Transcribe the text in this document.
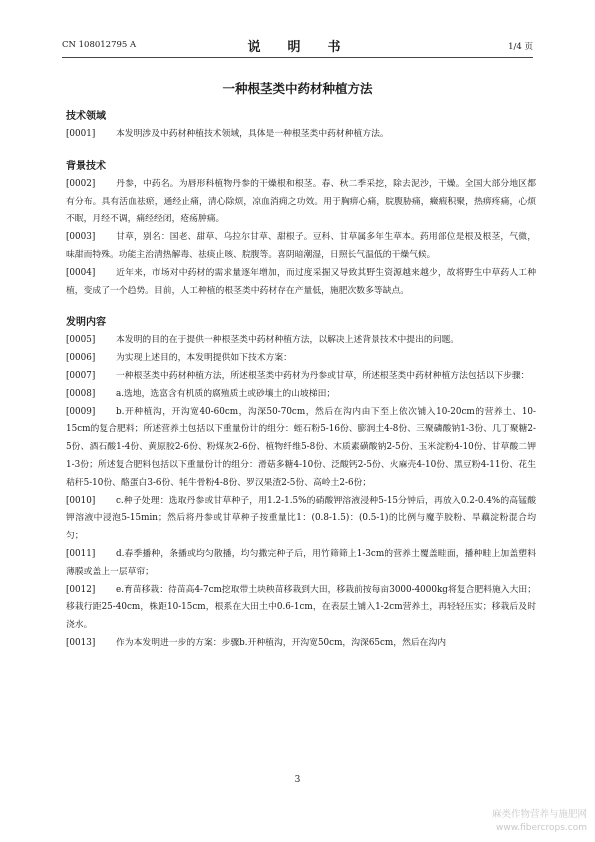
CN 108012795 A	说　明　书	1/4 页
一种根茎类中药材种植方法
技术领域
[0001] 本发明涉及中药材种植技术领域，具体是一种根茎类中药材种植方法。
背景技术
[0002] 丹参，中药名。为唇形科植物丹参的干燥根和根茎。春、秋二季采挖，除去泥沙，干燥。全国大部分地区都有分布。具有活血祛瘀，通经止痛，清心除烦，凉血消痈之功效。用于胸痹心痛，脘腹胁痛，癥瘕积聚，热痹疼痛，心烦不眠，月经不调，痛经经闭，疮疡肿痛。
[0003] 甘草，别名：国老、甜草、乌拉尔甘草、甜根子。豆科、甘草属多年生草本。药用部位是根及根茎，气微，味甜而特殊。功能主治清热解毒、祛痰止咳、脘腹等。喜阴暗潮湿，日照长气温低的干燥气候。
[0004] 近年来，市场对中药材的需求量逐年增加，而过度采掘又导致其野生资源越来越少，故将野生中草药人工种植，变成了一个趋势。目前，人工种植的根茎类中药材存在产量低，施肥次数多等缺点。
发明内容
[0005] 本发明的目的在于提供一种根茎类中药材种植方法，以解决上述背景技术中提出的问题。
[0006] 为实现上述目的，本发明提供如下技术方案：
[0007] 一种根茎类中药材种植方法，所述根茎类中药材为丹参或甘草，所述根茎类中药材种植方法包括以下步骤：
[0008] a.选地，选富含有机质的腐殖质土或砂壤土的山坡梯田；
[0009] b.开种植沟，开沟宽40-60cm，沟深50-70cm，然后在沟内由下至上依次铺入10-20cm的营养土、10-15cm的复合肥料；所述营养土包括以下重量份计的组分：蛭石粉5-16份、膨润土4-8份、三聚磷酸钠1-3份、几丁聚糖2-5份、酒石酸1-4份、黄原胶2-6份、粉煤灰2-6份、植物纤维5-8份、木质素磺酸钠2-5份、玉米淀粉4-10份、甘草酸二钾1-3份；所述复合肥料包括以下重量份计的组分：滑菇多糖4-10份、泛酸钙2-5份、火麻壳4-10份、黑豆粉4-11份、花生秸秆5-10份、酪蛋白3-6份、牦牛骨粉4-8份、罗汉果渣2-5份、高岭土2-6份；
[0010] c.种子处理：选取丹参或甘草种子，用1.2-1.5%的硝酸钾溶液浸种5-15分钟后，再放入0.2-0.4%的高锰酸钾溶液中浸泡5-15min；然后将丹参或甘草种子按重量比1：(0.8-1.5)：(0.5-1)的比例与魔芋胶粉、旱藕淀粉混合均匀；
[0011] d.春季播种，条播或均匀散播，均匀撒完种子后，用竹筛筛上1-3cm的营养土覆盖畦面，播种畦上加盖塑料薄膜或盖上一层草帘；
[0012] e.育苗移栽：待苗高4-7cm挖取带土块秧苗移栽到大田，移栽前按每亩3000-4000kg将复合肥料施入大田；移栽行距25-40cm，株距10-15cm，根系在大田土中0.6-1cm，在表层土铺入1-2cm营养土，再轻轻压实；移栽后及时浇水。
[0013] 作为本发明进一步的方案：步骤b.开种植沟，开沟宽50cm，沟深65cm，然后在沟内
3
麻类作物营养与施肥网
www.fibercrops.com
